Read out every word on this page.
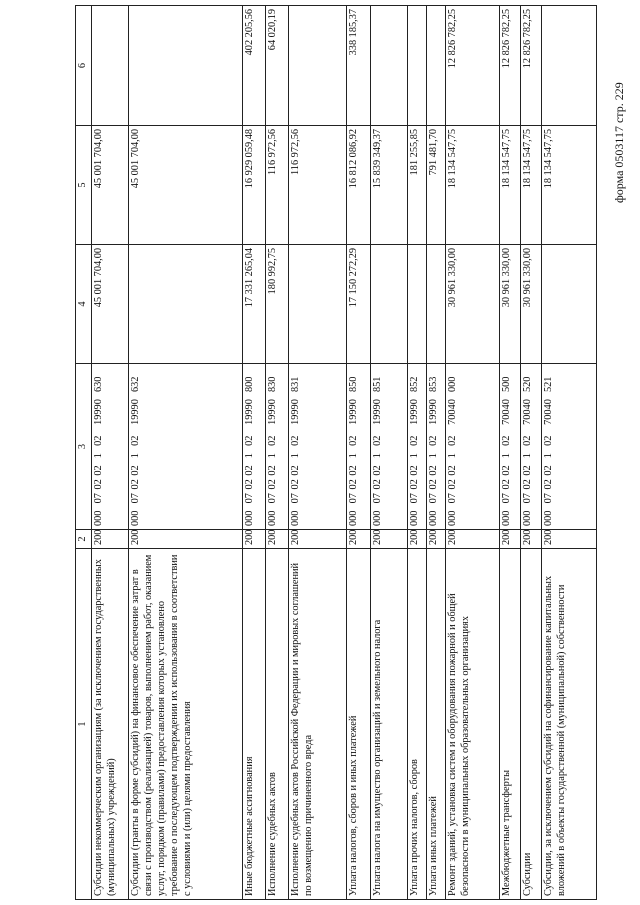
форма 0503117 стр. 229
1	2	3	4	5	6
Субсидии некоммерческим организациям (за исключением государственных (муниципальных) учреждений)	200	000  07 02 02  1  02   19990  630	45 001 704,00	45 001 704,00	
Субсидии (гранты в форме субсидий) на финансовое обеспечение затрат в связи с производством (реализацией) товаров, выполнением работ, оказанием услуг, порядком (правилами) предоставления которых установлено требование о последующем подтверждении их использования в соответствии с условиями и (или) целями предоставления	200	000  07 02 02  1  02   19990  632		45 001 704,00	
Иные бюджетные ассигнования	200	000  07 02 02  1  02   19990  800	17 331 265,04	16 929 059,48	402 205,56
Исполнение судебных актов	200	000  07 02 02  1  02   19990  830	180 992,75	116 972,56	64 020,19
Исполнение судебных актов Российской Федерации и мировых соглашений по возмещению причиненного вреда	200	000  07 02 02  1  02   19990  831		116 972,56	
Уплата налогов, сборов и иных платежей	200	000  07 02 02  1  02   19990  850	17 150 272,29	16 812 086,92	338 185,37
Уплата налога на имущество организаций и земельного налога	200	000  07 02 02  1  02   19990  851		15 839 349,37	
Уплата прочих налогов, сборов	200	000  07 02 02  1  02   19990  852		181 255,85	
Уплата иных платежей	200	000  07 02 02  1  02   19990  853		791 481,70	
Ремонт зданий, установка систем и оборудования пожарной и общей безопасности в муниципальных образовательных организациях	200	000  07 02 02  1  02   70040  000	30 961 330,00	18 134 547,75	12 826 782,25
Межбюджетные трансферты	200	000  07 02 02  1  02   70040  500	30 961 330,00	18 134 547,75	12 826 782,25
Субсидии	200	000  07 02 02  1  02   70040  520	30 961 330,00	18 134 547,75	12 826 782,25
Субсидии, за исключением субсидий на софинансирование капитальных вложений в объекты государственной (муниципальной) собственности	200	000  07 02 02  1  02   70040  521		18 134 547,75	
